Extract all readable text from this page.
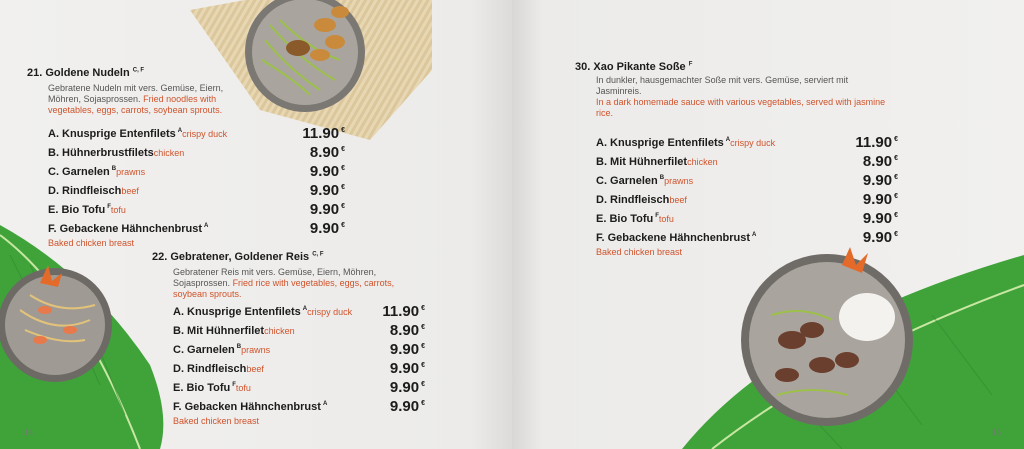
21. Goldene Nudeln $^{C, F}$
Gebratene Nudeln mit vers. Gemüse, Eiern, Möhren, Sojasprossen. Fried noodles with vegetables, eggs, carrots, soybean sprouts.
A. Knusprige Entenfilets $^A$crispy duck	11.90 €
B. Hühnerbrustfiletschicken	8.90 €
C. Garnelen $^B$prawns	9.90 €
D. Rindfleischbeef	9.90 €
E. Bio Tofu $^F$tofu	9.90 €
F. Gebackene Hähnchenbrust $^A$	9.90 €
Baked chicken breast
22. Gebratener, Goldener Reis $^{C, F}$
Gebratener Reis mit vers. Gemüse, Eiern, Möhren, Sojasprossen. Fried rice with vegetables, eggs, carrots, soybean sprouts.
A. Knusprige Entenfilets $^A$crispy duck 11.90 €
B. Mit Hühnerfiletchicken	8.90 €
C. Garnelen $^B$prawns	9.90 €
D. Rindfleischbeef	9.90 €
E. Bio Tofu $^F$tofu	9.90 €
F. Gebacken Hähnchenbrust $^A$	9.90 €
Baked chicken breast
14
30. Xao Pikante Soße $^F$
In dunkler, hausgemachter Soße mit vers. Gemüse, serviert mit Jasminreis.
In a dark homemade sauce with various vegetables, served with jasmine rice.
A. Knusprige Entenfilets $^A$crispy duck	11.90 €
B. Mit Hühnerfiletchicken	8.90 €
C. Garnelen $^B$prawns	9.90 €
D. Rindfleischbeef	9.90 €
E. Bio Tofu $^F$tofu	9.90 €
F. Gebackene Hähnchenbrust $^A$	9.90 €
Baked chicken breast
15
